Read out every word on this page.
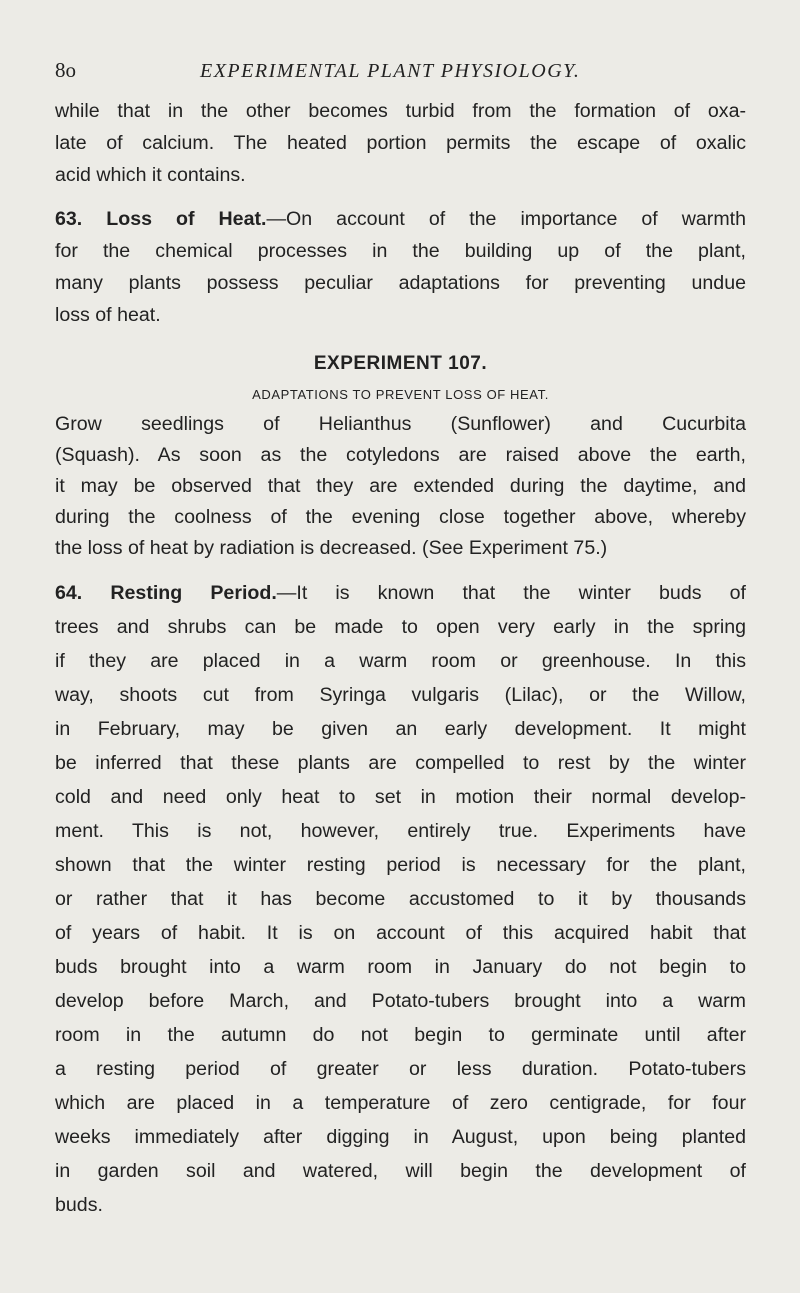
8o	EXPERIMENTAL PLANT PHYSIOLOGY.
while that in the other becomes turbid from the formation of oxa-
late of calcium. The heated portion permits the escape of oxalic
acid which it contains.
63. Loss of Heat.—On account of the importance of warmth
for the chemical processes in the building up of the plant,
many plants possess peculiar adaptations for preventing undue
loss of heat.
EXPERIMENT 107.
ADAPTATIONS TO PREVENT LOSS OF HEAT.
Grow seedlings of Helianthus (Sunflower) and Cucurbita
(Squash). As soon as the cotyledons are raised above the earth,
it may be observed that they are extended during the daytime, and
during the coolness of the evening close together above, whereby
the loss of heat by radiation is decreased. (See Experiment 75.)
64. Resting Period.—It is known that the winter buds of
trees and shrubs can be made to open very early in the spring
if they are placed in a warm room or greenhouse. In this
way, shoots cut from Syringa vulgaris (Lilac), or the Willow,
in February, may be given an early development. It might
be inferred that these plants are compelled to rest by the winter
cold and need only heat to set in motion their normal develop-
ment. This is not, however, entirely true. Experiments have
shown that the winter resting period is necessary for the plant,
or rather that it has become accustomed to it by thousands
of years of habit. It is on account of this acquired habit that
buds brought into a warm room in January do not begin to
develop before March, and Potato-tubers brought into a warm
room in the autumn do not begin to germinate until after
a resting period of greater or less duration. Potato-tubers
which are placed in a temperature of zero centigrade, for four
weeks immediately after digging in August, upon being planted
in garden soil and watered, will begin the development of
buds.
